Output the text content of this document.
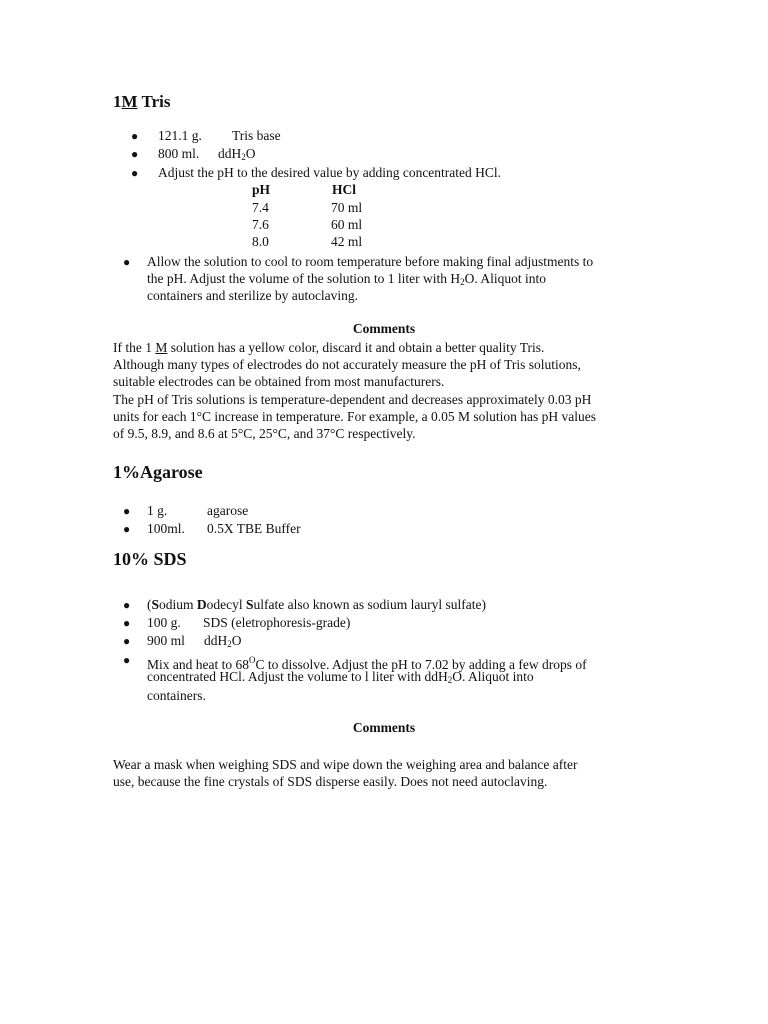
1M Tris
● 121.1 g. Tris base
● 800 ml. ddH$_2$O
● Adjust the pH to the desired value by adding concentrated HCl.
pH	HCl
7.4	70 ml
7.6	60 ml
8.0	42 ml
● Allow the solution to cool to room temperature before making final adjustments to
the pH. Adjust the volume of the solution to 1 liter with $H_2O$. Aliquot into
containers and sterilize by autoclaving.
Comments
If the 1 M solution has a yellow color, discard it and obtain a better quality Tris.
Although many types of electrodes do not accurately measure the pH of Tris solutions,
suitable electrodes can be obtained from most manufacturers.
The pH of Tris solutions is temperature-dependent and decreases approximately 0.03 pH
units for each 1°C increase in temperature. For example, a 0.05 M solution has pH values
of 9.5, 8.9, and 8.6 at 5°C, 25°C, and 37°C respectively.
1%Agarose
● 1 g.	agarose
● 100ml. 0.5X TBE Buffer
10% SDS
● (Sodium Dodecyl Sulfate also known as sodium lauryl sulfate)
● 100 g. SDS (eletrophoresis-grade)
● 900 ml ddH$_2$O
● Mix and heat to $68^OC$ to dissolve. Adjust the pH to 7.02 by adding a few drops of
concentrated HCl. Adjust the volume to l liter with ddH$_2$O. Aliquot into
containers.
Comments
Wear a mask when weighing SDS and wipe down the weighing area and balance after
use, because the fine crystals of SDS disperse easily. Does not need autoclaving.
